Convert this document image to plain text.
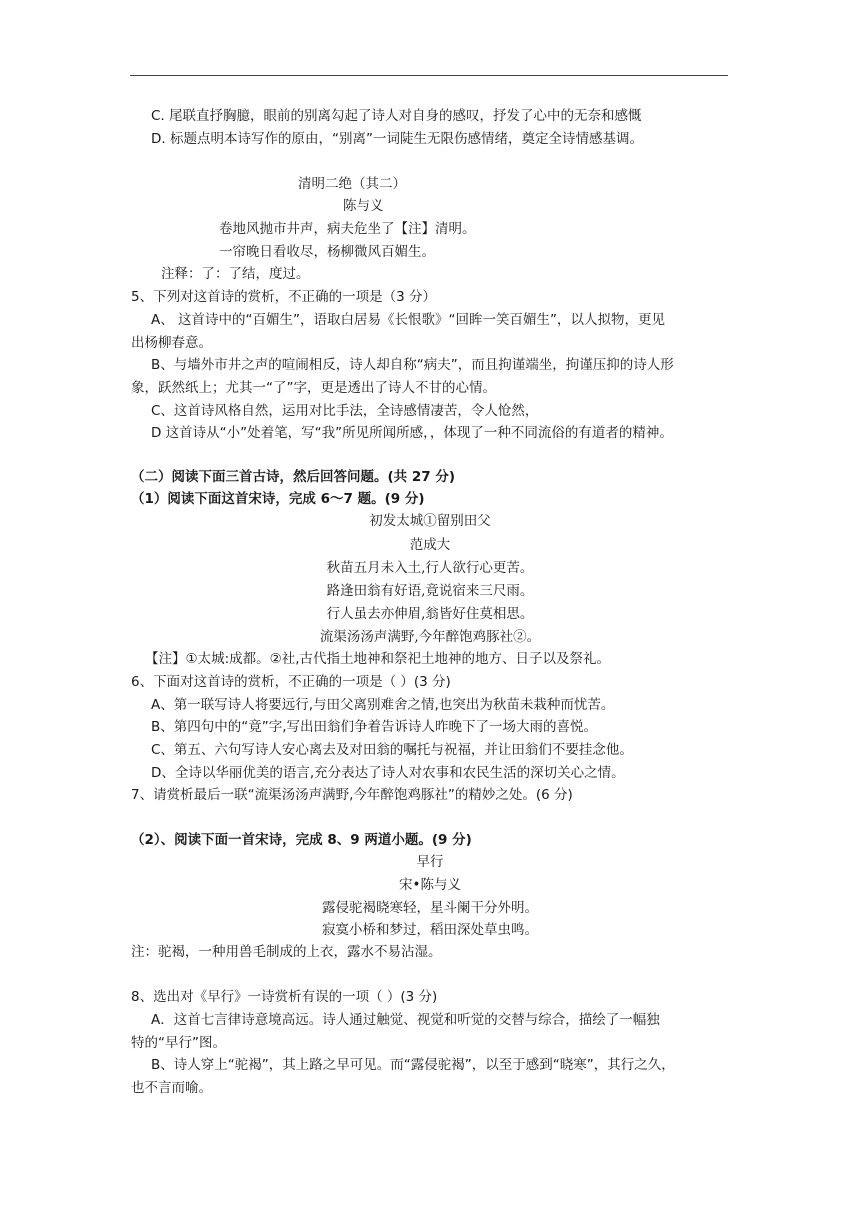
C. 尾联直抒胸臆，眼前的别离勾起了诗人对自身的感叹，抒发了心中的无奈和感慨
D. 标题点明本诗写作的原由，“别离”一词陡生无限伤感情绪，奠定全诗情感基调。
清明二绝（其二）
陈与义
卷地风抛市井声，病夫危坐了【注】清明。
一帘晚日看收尽，杨柳微风百媚生。
注释：了：了结，度过。
5、下列对这首诗的赏析，不正确的一项是（3 分）
A、 这首诗中的“百媚生”，语取白居易《长恨歌》“回眸一笑百媚生”，以人拟物，更见
出杨柳春意。
B、与墙外市井之声的喧闹相反，诗人却自称“病夫”，而且拘谨端坐，拘谨压抑的诗人形
象，跃然纸上；尤其一“了”字，更是透出了诗人不甘的心情。
C、这首诗风格自然，运用对比手法，全诗感情凄苦，令人怆然，
D 这首诗从“小”处着笔，写“我”所见所闻所感，，体现了一种不同流俗的有道者的精神。
（二）阅读下面三首古诗，然后回答问题。(共 27 分)
（1）阅读下面这首宋诗，完成 6～7 题。(9 分)
初发太城①留别田父
范成大
秋苗五月未入土,行人欲行心更苦。
路逢田翁有好语,竟说宿来三尺雨。
行人虽去亦伸眉,翁皆好住莫相思。
流渠汤汤声满野,今年醉饱鸡豚社②。
【注】①太城:成都。②社,古代指土地神和祭祀土地神的地方、日子以及祭礼。
6、下面对这首诗的赏析，不正确的一项是（ ）(3 分)
A、第一联写诗人将要远行,与田父离别难舍之情,也突出为秋苗未栽种而忧苦。
B、第四句中的“竟”字,写出田翁们争着告诉诗人昨晚下了一场大雨的喜悦。
C、第五、六句写诗人安心离去及对田翁的嘱托与祝福，并让田翁们不要挂念他。
D、全诗以华丽优美的语言,充分表达了诗人对农事和农民生活的深切关心之情。
7、请赏析最后一联“流渠汤汤声满野,今年醉饱鸡豚社”的精妙之处。(6 分)
（2）、阅读下面一首宋诗，完成 8、9 两道小题。(9 分)
早行
宋•陈与义
露侵驼褐晓寒轻，星斗阑干分外明。
寂寞小桥和梦过，稻田深处草虫鸣。
注：驼褐，一种用兽毛制成的上衣，露水不易沾湿。
8、选出对《早行》一诗赏析有误的一项（ ）(3 分)
A．这首七言律诗意境高远。诗人通过触觉、视觉和听觉的交替与综合，描绘了一幅独
特的“早行”图。
B、诗人穿上“驼褐”，其上路之早可见。而“露侵驼褐”，以至于感到“晓寒”，其行之久，
也不言而喻。
